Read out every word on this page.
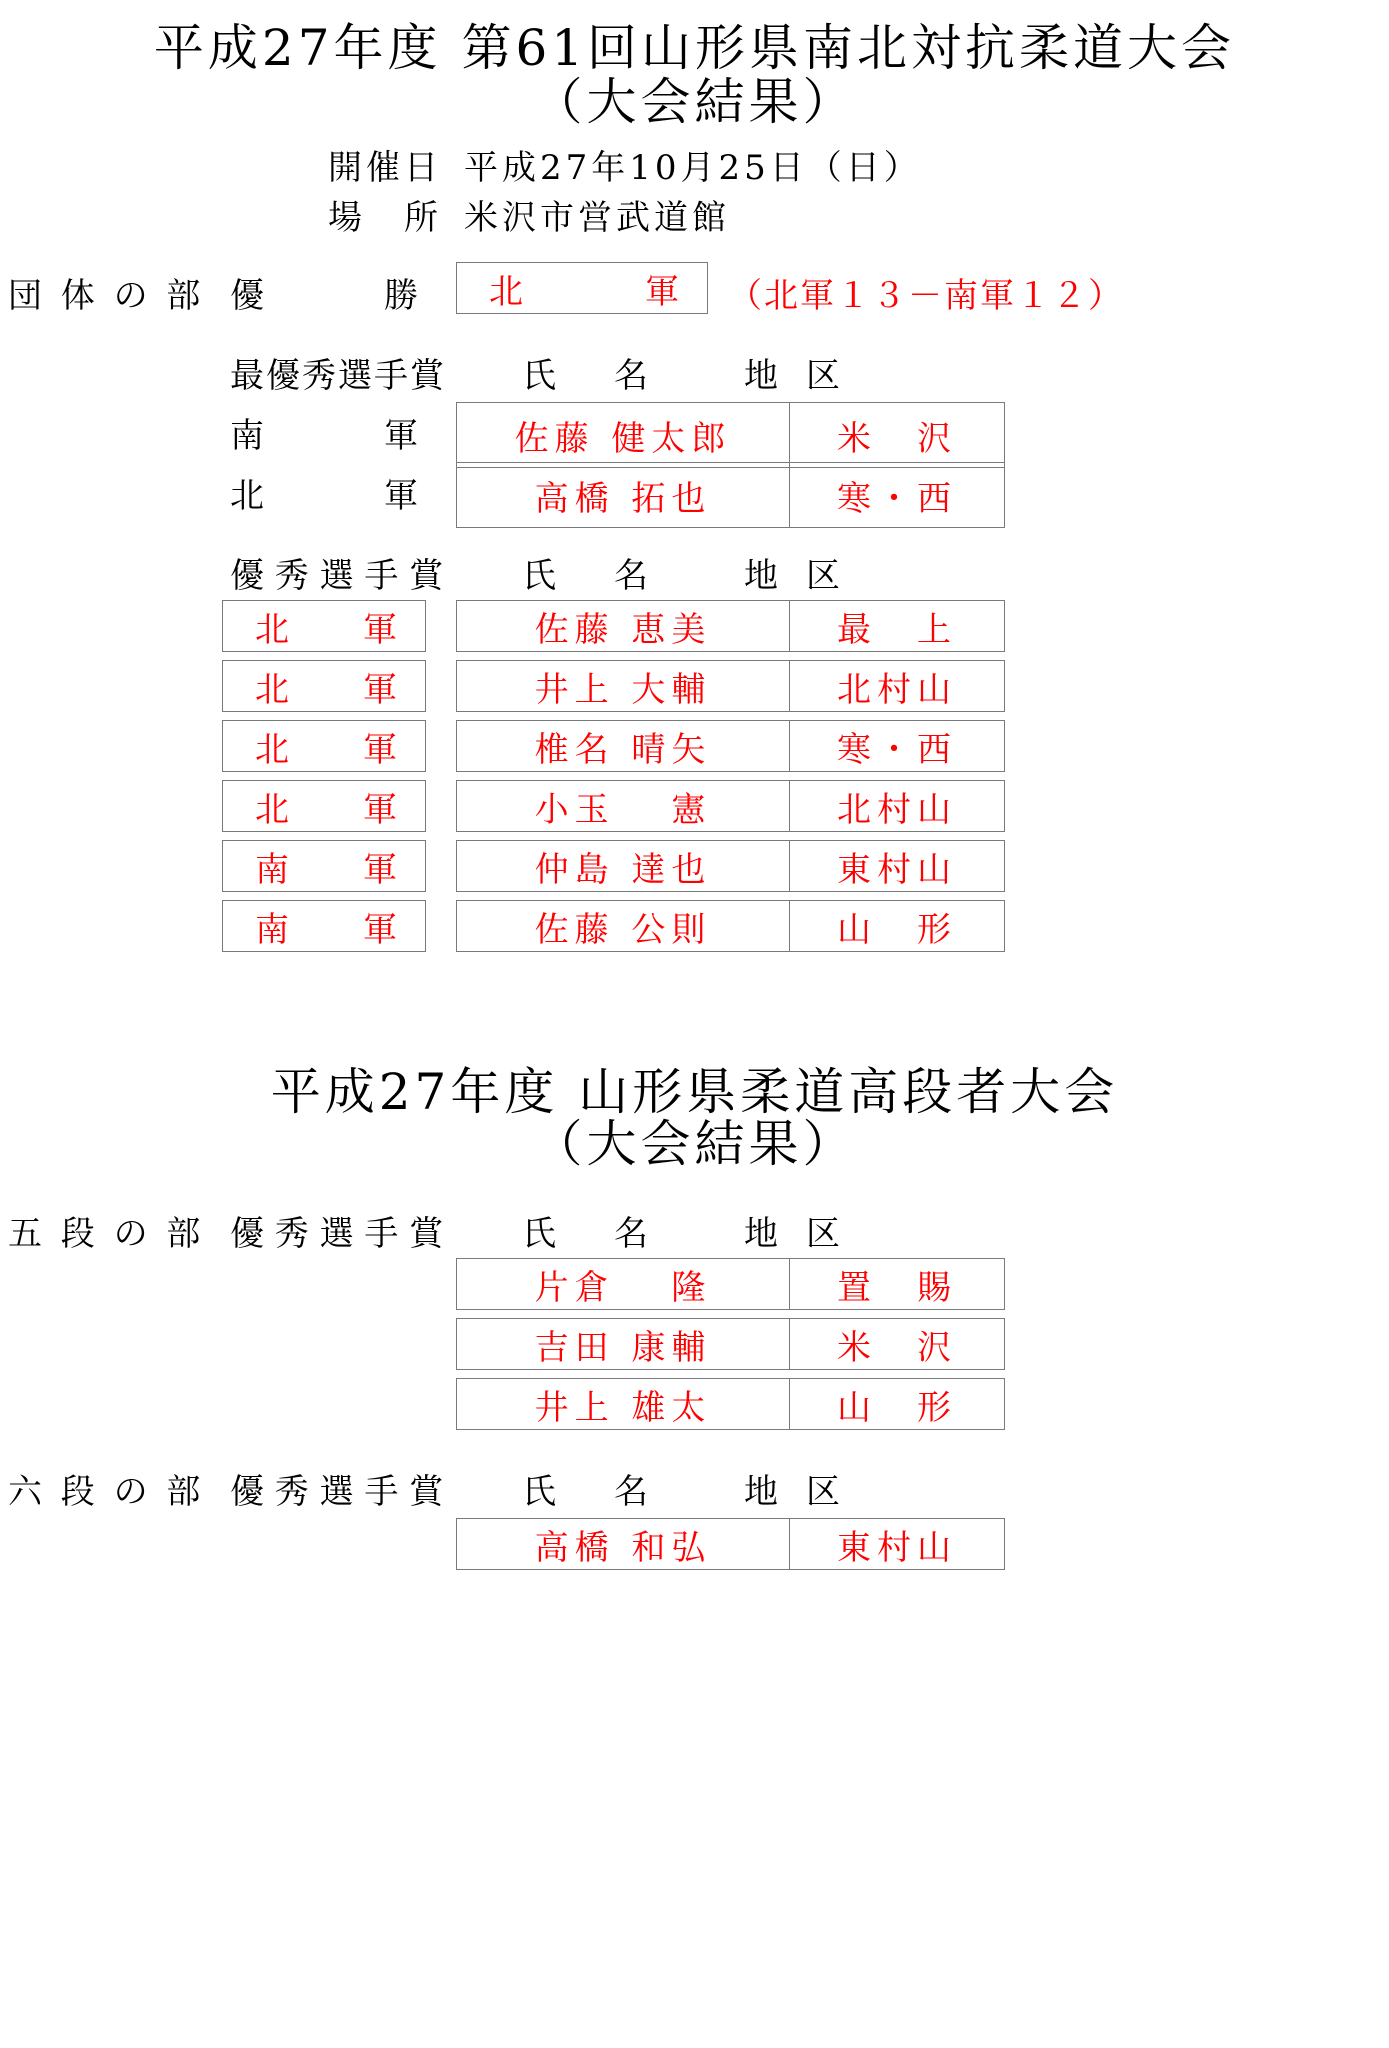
平成27年度 第61回山形県南北対抗柔道大会
（大会結果）
開催日 平成27年10月25日（日）
場　所 米沢市営武道館
団 体 の 部 優	勝 北	軍 （北軍１３－南軍１２）
最優秀選手賞 氏 名	地 区
南	軍	佐藤 健太郎	米　沢
北	軍	高橋 拓也	寒・西
優 秀 選 手 賞 氏 名	地 区
北 軍	佐藤 恵美	最　上
北 軍	井上 大輔	北村山
北 軍	椎名 晴矢	寒・西
北 軍	小玉　 憲	北村山
南 軍	仲島 達也	東村山
南 軍	佐藤 公則	山　形
平成27年度 山形県柔道高段者大会
（大会結果）
五 段 の 部 優 秀 選 手 賞 氏 名	地 区
片倉　 隆	置　賜
吉田 康輔	米　沢
井上 雄太	山　形
六 段 の 部 優 秀 選 手 賞 氏 名	地 区
高橋 和弘	東村山
